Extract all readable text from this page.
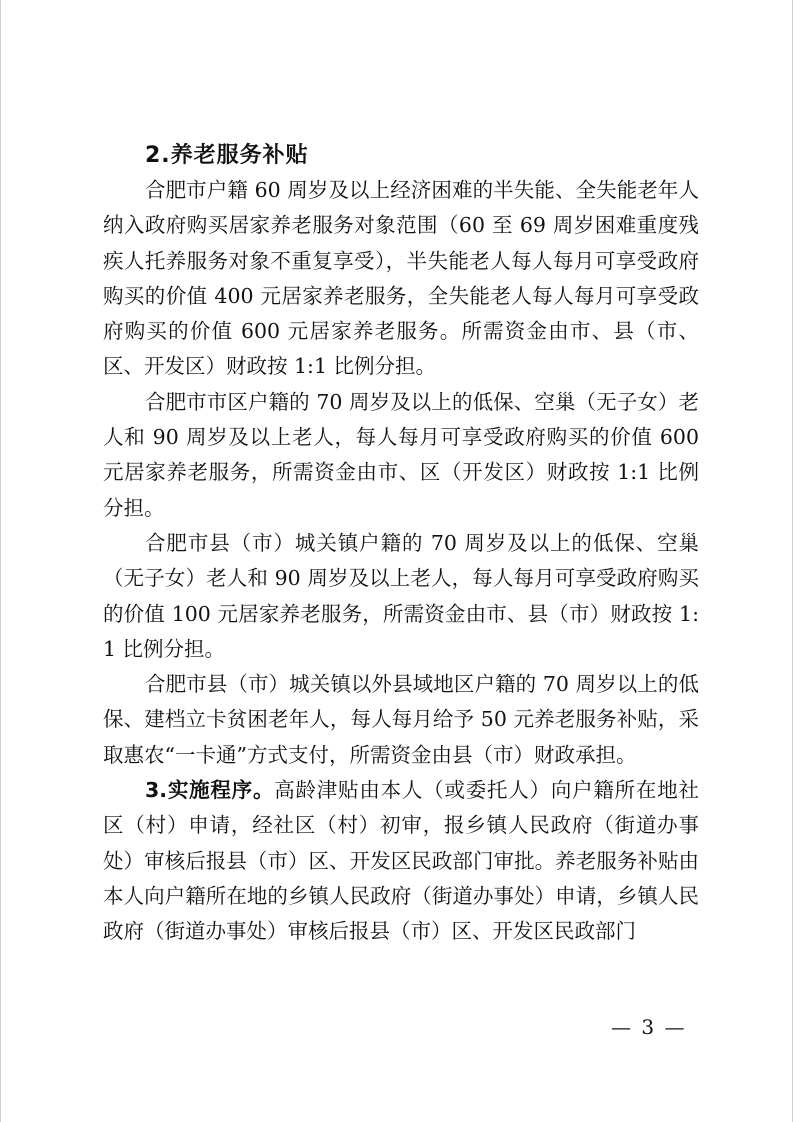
2.养老服务补贴

合肥市户籍 60 周岁及以上经济困难的半失能、全失能老年人纳入政府购买居家养老服务对象范围（60 至 69 周岁困难重度残疾人托养服务对象不重复享受），半失能老人每人每月可享受政府购买的价值 400 元居家养老服务，全失能老人每人每月可享受政府购买的价值 600 元居家养老服务。所需资金由市、县（市、区、开发区）财政按 1:1 比例分担。

合肥市市区户籍的 70 周岁及以上的低保、空巢（无子女）老人和 90 周岁及以上老人，每人每月可享受政府购买的价值 600 元居家养老服务，所需资金由市、区（开发区）财政按 1:1 比例分担。

合肥市县（市）城关镇户籍的 70 周岁及以上的低保、空巢（无子女）老人和 90 周岁及以上老人，每人每月可享受政府购买的价值 100 元居家养老服务，所需资金由市、县（市）财政按 1:1 比例分担。

合肥市县（市）城关镇以外县域地区户籍的 70 周岁以上的低保、建档立卡贫困老年人，每人每月给予 50 元养老服务补贴，采取惠农“一卡通”方式支付，所需资金由县（市）财政承担。

3.实施程序。高龄津贴由本人（或委托人）向户籍所在地社区（村）申请，经社区（村）初审，报乡镇人民政府（街道办事处）审核后报县（市）区、开发区民政部门审批。养老服务补贴由本人向户籍所在地的乡镇人民政府（街道办事处）申请，乡镇人民政府（街道办事处）审核后报县（市）区、开发区民政部门

— 3 —
